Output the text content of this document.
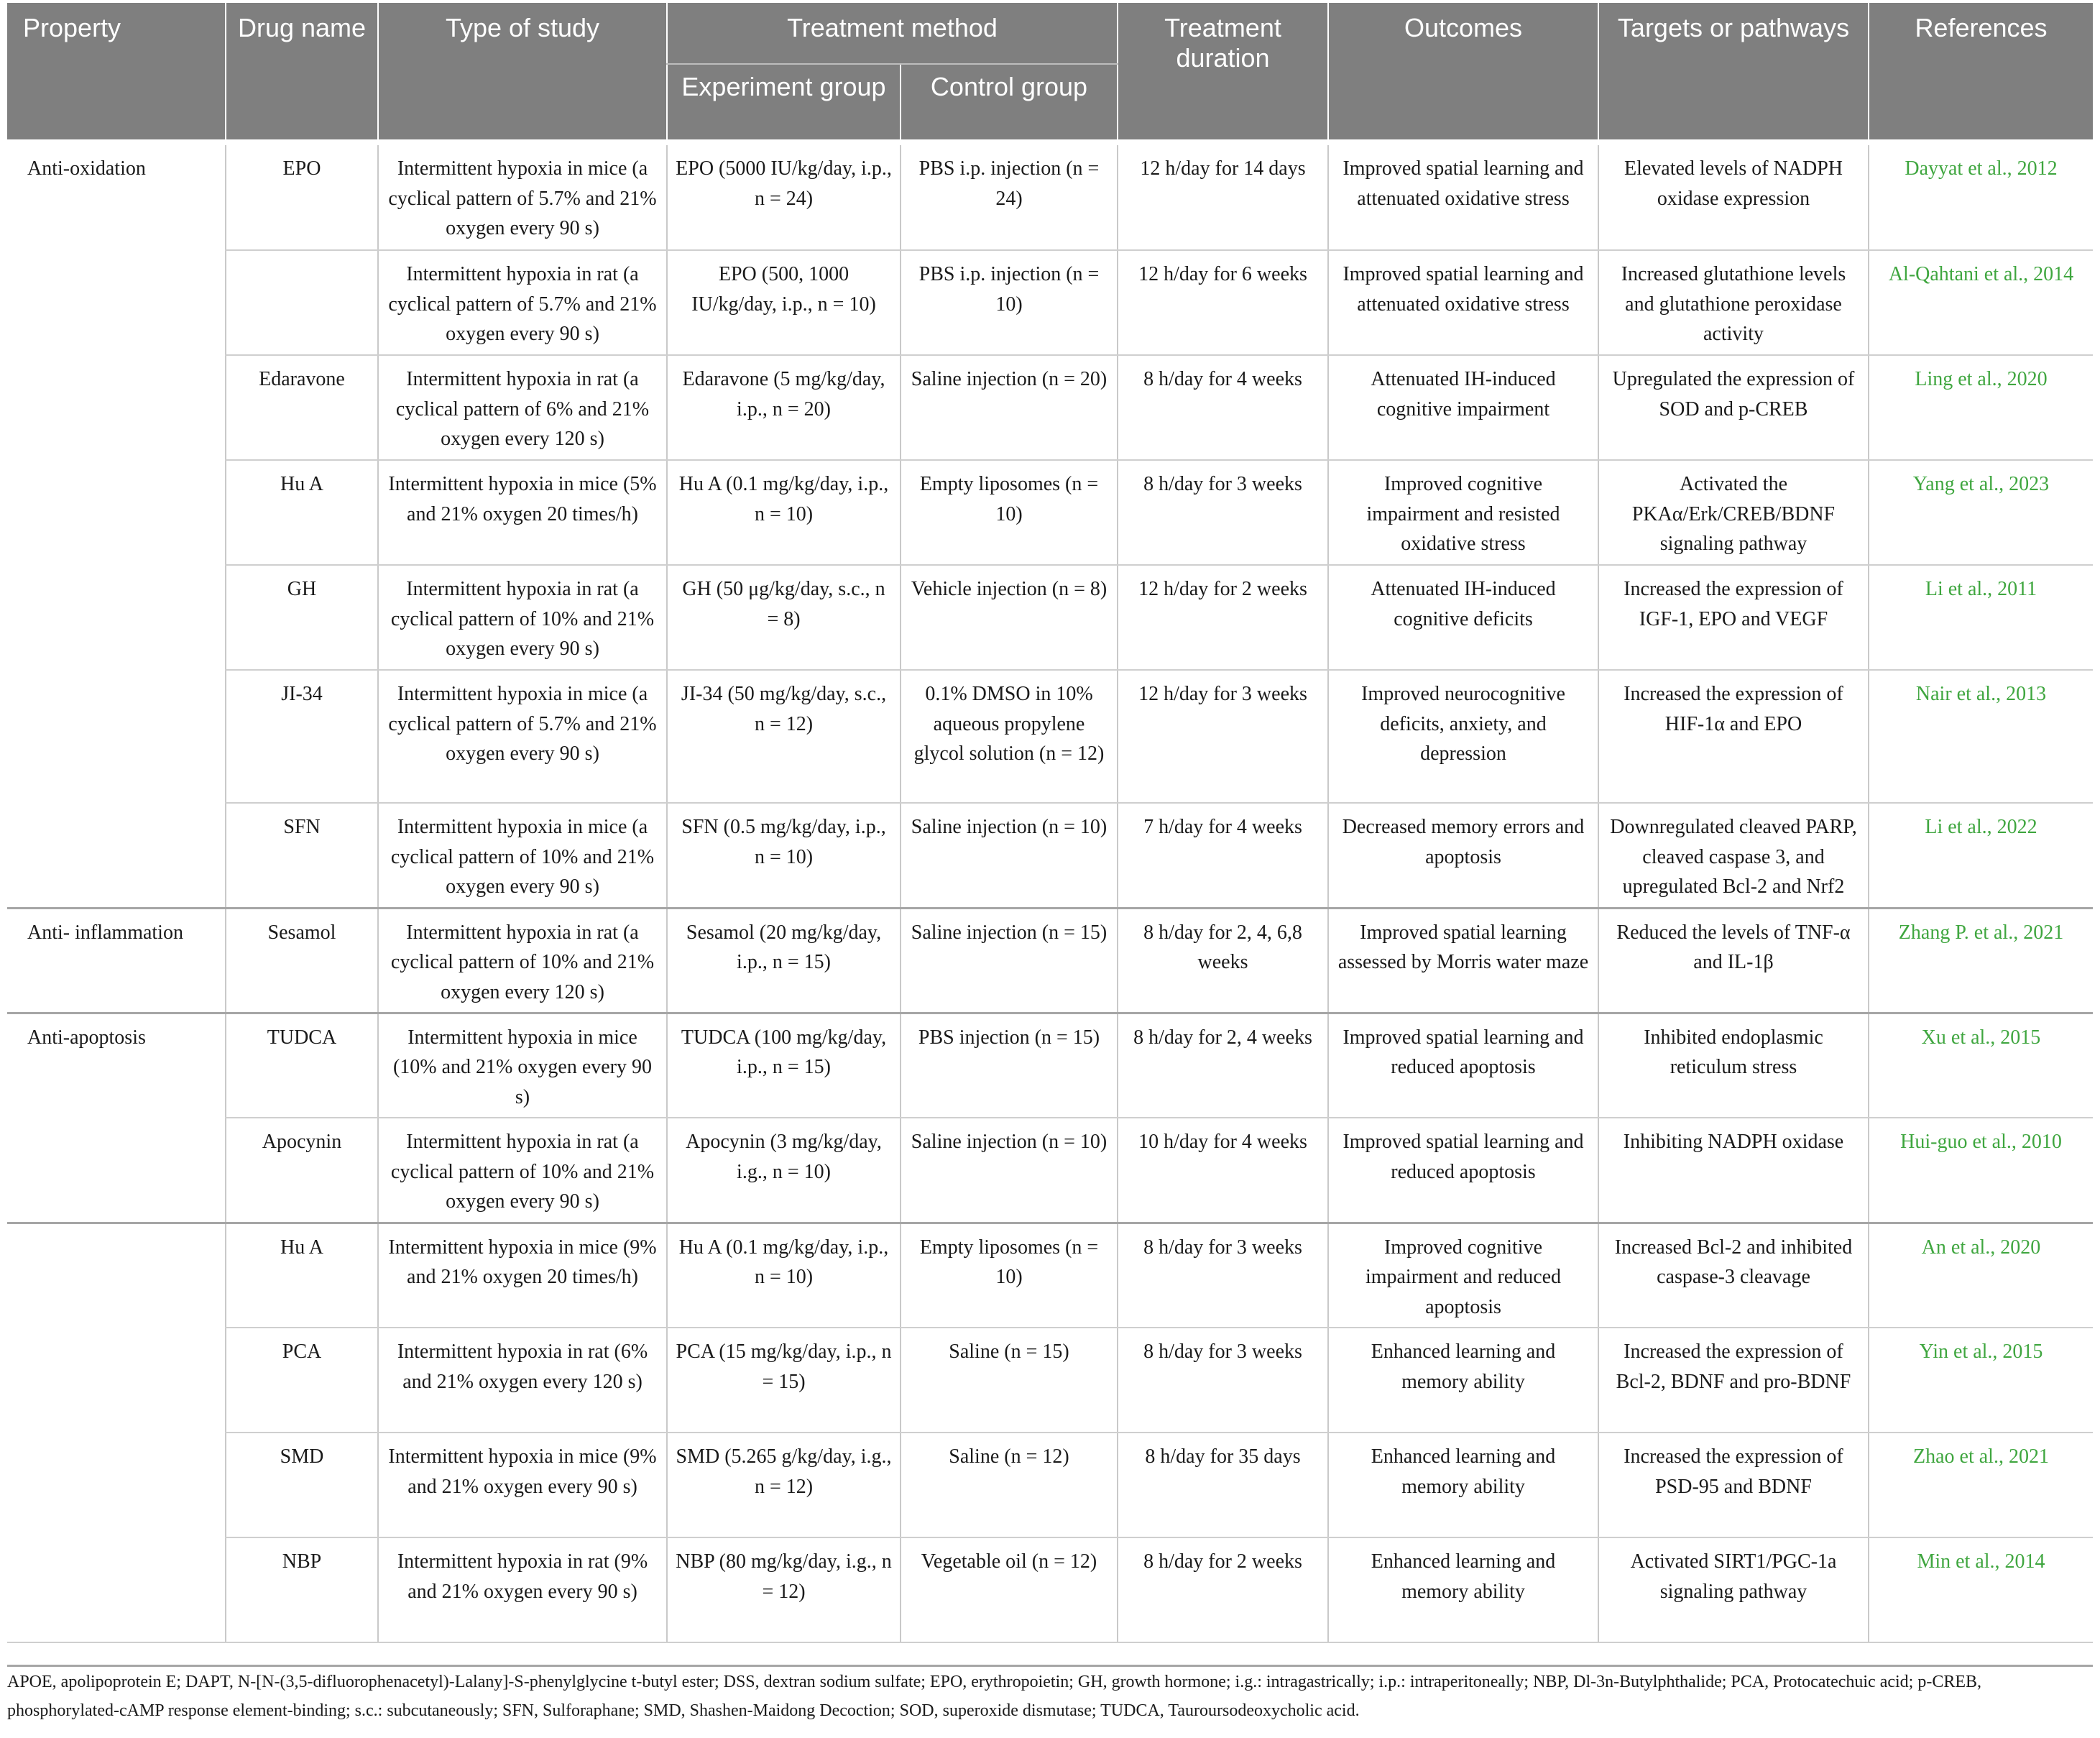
Property	Drug name	Type of study	Treatment method		Treatment duration	Outcomes	Targets or pathways	References
			Experiment group	Control group				

Anti-oxidation	EPO	Intermittent hypoxia in mice (a cyclical pattern of 5.7% and 21% oxygen every 90 s)	EPO (5000 IU/kg/day, i.p., n = 24)	PBS i.p. injection (n = 24)	12 h/day for 14 days	Improved spatial learning and attenuated oxidative stress	Elevated levels of NADPH oxidase expression	Dayyat et al., 2012
		Intermittent hypoxia in rat (a cyclical pattern of 5.7% and 21% oxygen every 90 s)	EPO (500, 1000 IU/kg/day, i.p., n = 10)	PBS i.p. injection (n = 10)	12 h/day for 6 weeks	Improved spatial learning and attenuated oxidative stress	Increased glutathione levels and glutathione peroxidase activity	Al-Qahtani et al., 2014
	Edaravone	Intermittent hypoxia in rat (a cyclical pattern of 6% and 21% oxygen every 120 s)	Edaravone (5 mg/kg/day, i.p., n = 20)	Saline injection (n = 20)	8 h/day for 4 weeks	Attenuated IH-induced cognitive impairment	Upregulated the expression of SOD and p-CREB	Ling et al., 2020
	Hu A	Intermittent hypoxia in mice (5% and 21% oxygen 20 times/h)	Hu A (0.1 mg/kg/day, i.p., n = 10)	Empty liposomes (n = 10)	8 h/day for 3 weeks	Improved cognitive impairment and resisted oxidative stress	Activated the PKAα/Erk/CREB/BDNF signaling pathway	Yang et al., 2023
	GH	Intermittent hypoxia in rat (a cyclical pattern of 10% and 21% oxygen every 90 s)	GH (50 μg/kg/day, s.c., n = 8)	Vehicle injection (n = 8)	12 h/day for 2 weeks	Attenuated IH-induced cognitive deficits	Increased the expression of IGF-1, EPO and VEGF	Li et al., 2011
	JI-34	Intermittent hypoxia in mice (a cyclical pattern of 5.7% and 21% oxygen every 90 s)	JI-34 (50 mg/kg/day, s.c., n = 12)	0.1% DMSO in 10% aqueous propylene glycol solution (n = 12)	12 h/day for 3 weeks	Improved neurocognitive deficits, anxiety, and depression	Increased the expression of HIF-1α and EPO	Nair et al., 2013
	SFN	Intermittent hypoxia in mice (a cyclical pattern of 10% and 21% oxygen every 90 s)	SFN (0.5 mg/kg/day, i.p., n = 10)	Saline injection (n = 10)	7 h/day for 4 weeks	Decreased memory errors and apoptosis	Downregulated cleaved PARP, cleaved caspase 3, and upregulated Bcl-2 and Nrf2	Li et al., 2022
Anti- inflammation	Sesamol	Intermittent hypoxia in rat (a cyclical pattern of 10% and 21% oxygen every 120 s)	Sesamol (20 mg/kg/day, i.p., n = 15)	Saline injection (n = 15)	8 h/day for 2, 4, 6,8 weeks	Improved spatial learning assessed by Morris water maze	Reduced the levels of TNF-α and IL-1β	Zhang P. et al., 2021
Anti-apoptosis	TUDCA	Intermittent hypoxia in mice (10% and 21% oxygen every 90 s)	TUDCA (100 mg/kg/day, i.p., n = 15)	PBS injection (n = 15)	8 h/day for 2, 4 weeks	Improved spatial learning and reduced apoptosis	Inhibited endoplasmic reticulum stress	Xu et al., 2015
	Apocynin	Intermittent hypoxia in rat (a cyclical pattern of 10% and 21% oxygen every 90 s)	Apocynin (3 mg/kg/day, i.g., n = 10)	Saline injection (n = 10)	10 h/day for 4 weeks	Improved spatial learning and reduced apoptosis	Inhibiting NADPH oxidase	Hui-guo et al., 2010
	Hu A	Intermittent hypoxia in mice (9% and 21% oxygen 20 times/h)	Hu A (0.1 mg/kg/day, i.p., n = 10)	Empty liposomes (n = 10)	8 h/day for 3 weeks	Improved cognitive impairment and reduced apoptosis	Increased Bcl-2 and inhibited caspase-3 cleavage	An et al., 2020
	PCA	Intermittent hypoxia in rat (6% and 21% oxygen every 120 s)	PCA (15 mg/kg/day, i.p., n = 15)	Saline (n = 15)	8 h/day for 3 weeks	Enhanced learning and memory ability	Increased the expression of Bcl-2, BDNF and pro-BDNF	Yin et al., 2015
	SMD	Intermittent hypoxia in mice (9% and 21% oxygen every 90 s)	SMD (5.265 g/kg/day, i.g., n = 12)	Saline (n = 12)	8 h/day for 35 days	Enhanced learning and memory ability	Increased the expression of PSD-95 and BDNF	Zhao et al., 2021
	NBP	Intermittent hypoxia in rat (9% and 21% oxygen every 90 s)	NBP (80 mg/kg/day, i.g., n = 12)	Vegetable oil (n = 12)	8 h/day for 2 weeks	Enhanced learning and memory ability	Activated SIRT1/PGC-1a signaling pathway	Min et al., 2014
APOE, apolipoprotein E; DAPT, N-[N-(3,5-difluorophenacetyl)-Lalany]-S-phenylglycine t-butyl ester; DSS, dextran sodium sulfate; EPO, erythropoietin; GH, growth hormone; i.g.: intragastrically; i.p.: intraperitoneally; NBP, Dl-3n-Butylphthalide; PCA, Protocatechuic acid; p-CREB, phosphorylated-cAMP response element-binding; s.c.: subcutaneously; SFN, Sulforaphane; SMD, Shashen-Maidong Decoction; SOD, superoxide dismutase; TUDCA, Tauroursodeoxycholic acid.
